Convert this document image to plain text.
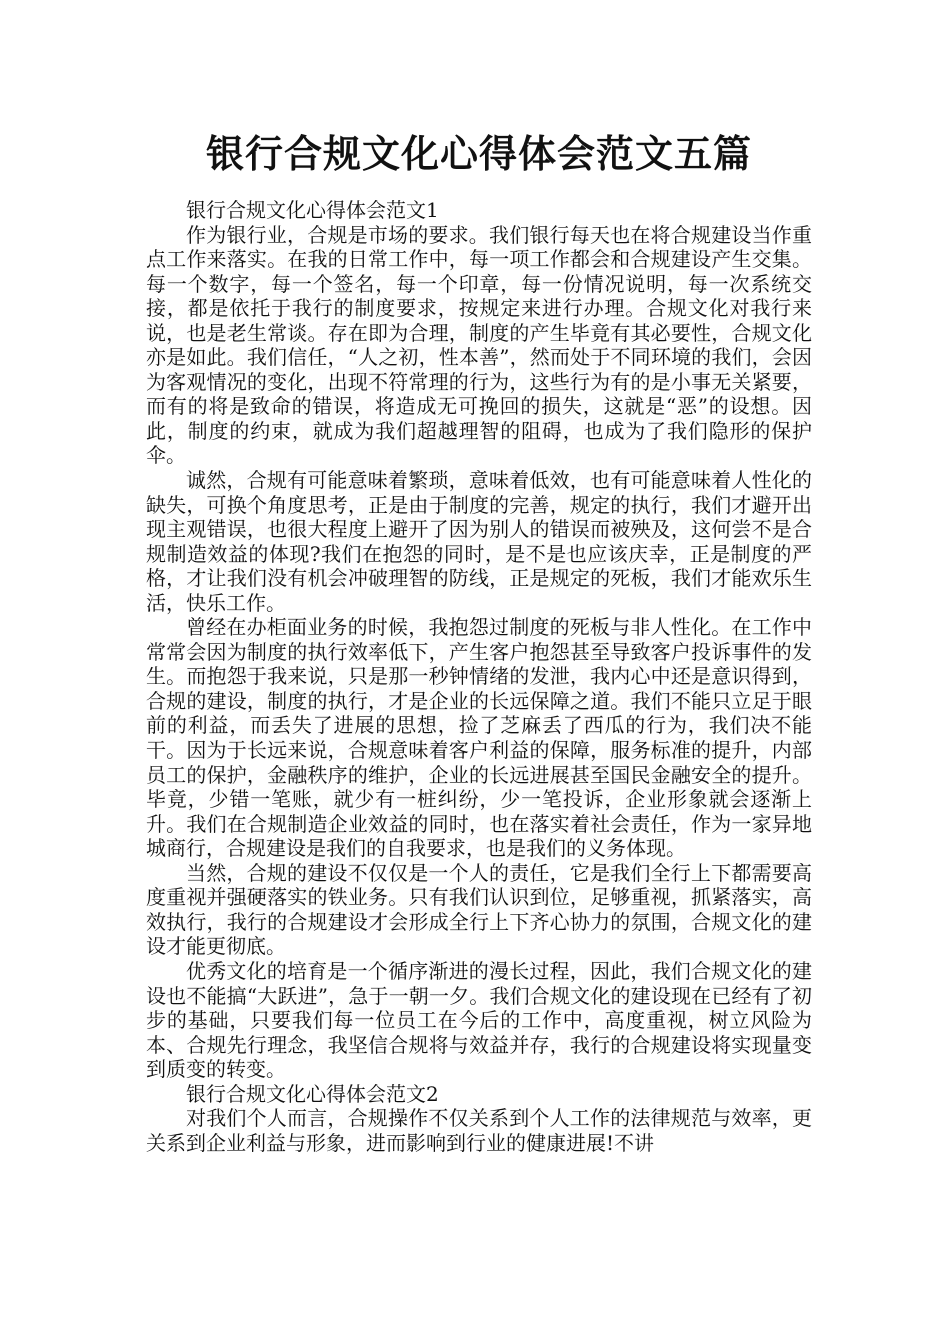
银行合规文化心得体会范文五篇

银行合规文化心得体会范文1

作为银行业，合规是市场的要求。我们银行每天也在将合规建设当作重点工作来落实。在我的日常工作中，每一项工作都会和合规建设产生交集。每一个数字，每一个签名，每一个印章，每一份情况说明，每一次系统交接，都是依托于我行的制度要求，按规定来进行办理。合规文化对我行来说，也是老生常谈。存在即为合理，制度的产生毕竟有其必要性，合规文化亦是如此。我们信任，“人之初，性本善”，然而处于不同环境的我们，会因为客观情况的变化，出现不符常理的行为，这些行为有的是小事无关紧要，而有的将是致命的错误，将造成无可挽回的损失，这就是“恶”的设想。因此，制度的约束，就成为我们超越理智的阻碍，也成为了我们隐形的保护伞。

诚然，合规有可能意味着繁琐，意味着低效，也有可能意味着人性化的缺失，可换个角度思考，正是由于制度的完善，规定的执行，我们才避开出现主观错误，也很大程度上避开了因为别人的错误而被殃及，这何尝不是合规制造效益的体现?我们在抱怨的同时，是不是也应该庆幸，正是制度的严格，才让我们没有机会冲破理智的防线，正是规定的死板，我们才能欢乐生活，快乐工作。

曾经在办柜面业务的时候，我抱怨过制度的死板与非人性化。在工作中常常会因为制度的执行效率低下，产生客户抱怨甚至导致客户投诉事件的发生。而抱怨于我来说，只是那一秒钟情绪的发泄，我内心中还是意识得到，合规的建设，制度的执行，才是企业的长远保障之道。我们不能只立足于眼前的利益，而丢失了进展的思想，捡了芝麻丢了西瓜的行为，我们决不能干。因为于长远来说，合规意味着客户利益的保障，服务标准的提升，内部员工的保护，金融秩序的维护，企业的长远进展甚至国民金融安全的提升。毕竟，少错一笔账，就少有一桩纠纷，少一笔投诉，企业形象就会逐渐上升。我们在合规制造企业效益的同时，也在落实着社会责任，作为一家异地城商行，合规建设是我们的自我要求，也是我们的义务体现。

当然，合规的建设不仅仅是一个人的责任，它是我们全行上下都需要高度重视并强硬落实的铁业务。只有我们认识到位，足够重视，抓紧落实，高效执行，我行的合规建设才会形成全行上下齐心协力的氛围，合规文化的建设才能更彻底。

优秀文化的培育是一个循序渐进的漫长过程，因此，我们合规文化的建设也不能搞“大跃进”，急于一朝一夕。我们合规文化的建设现在已经有了初步的基础，只要我们每一位员工在今后的工作中，高度重视，树立风险为本、合规先行理念，我坚信合规将与效益并存，我行的合规建设将实现量变到质变的转变。

银行合规文化心得体会范文2

对我们个人而言，合规操作不仅关系到个人工作的法律规范与效率，更关系到企业利益与形象，进而影响到行业的健康进展!不讲
